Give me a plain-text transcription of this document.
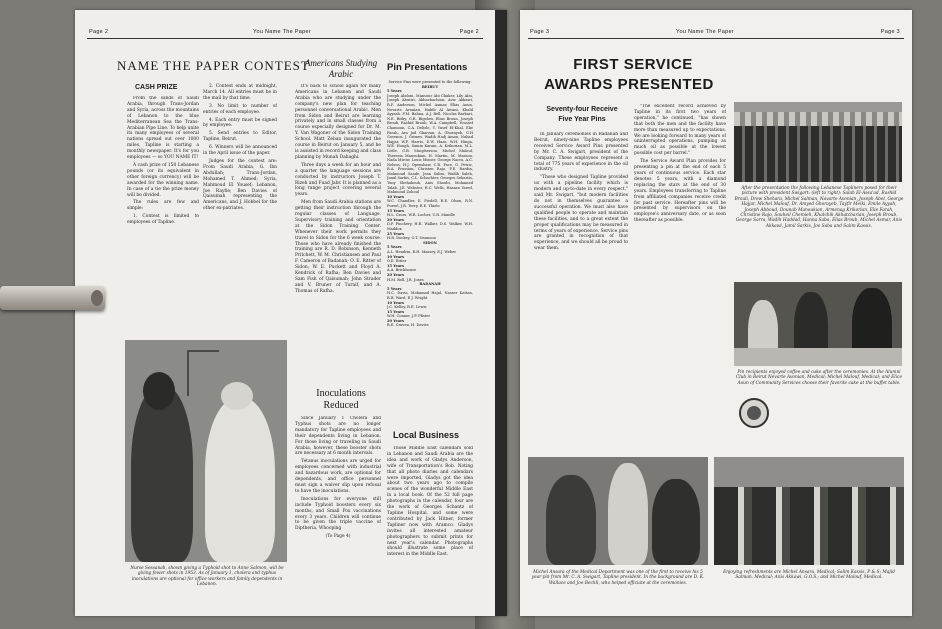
Page 2	You Name The Paper	Page 2
NAME THE PAPER CONTEST
CASH PRIZE

From the sands of Saudi Arabia, through Trans-Jordan and Syria, across the mountains of Lebanon to the blue Mediterranean Sea the Trans-Arabian Pipe Line. To help unite its many employees of several nations spread out over 1000 miles, Tapline is starting a monthly newspaper. It's for you employees — so YOU NAME IT!

A cash prize of 150 Lebanese pounds (or its equivalent in other foreign currency) will be awarded for the winning name. In case of a tie the prize money will be divided.

The rules are few and simple:

1. Contest is limited to employees of Tapline.

2. Contest ends at midnight, March 14. All entries must be in the mail by that time.

3. No limit to number of entries of each employee.

4. Each entry must be signed by employee.

5. Send entries to Editor, Tapline, Beirut.

6. Winners will be announced in the April issue of the paper.

Judges for the contest are: From Saudi Arabia, G. Ibn Abdullah; Trans-Jordan, Mohamed T. Ahmed; Syria, Mahmoud El Yousef; Lebanon, Joe Rayfie; Ben Davies of Qaisumah representing the Americans, and J. Hobbel for the other ex-patriates.

Americans Studying Arabic

It's back to school again for many Americans in Lebanon and Saudi Arabia who are studying under the company's new plan for teaching personnel conversational Arabic. Men from Sidon and Beirut are learning privately and in small classes from a course especially designed for Dr. M. Y. Van Wagoner of the Sidon Training School. Matt Zeban inaugurated the course in Beirut on January 5, and he is assisted in record keeping and class planning by Munah Dahaghi.

Three days a week for an hour and a quarter the language sessions are conducted by instructors Joseph T. Rizeh and Fuad Jabr. It is planned as a long range project covering several years.

Men from Saudi Arabia stations are getting their instruction through the regular classes of Language. Supervisory training and orientation at the Sidon Training Center. Whenever their work permits they travel to Sidon for the 6 week course. Those who have already finished the training are R. D. Robinson, Kenneth Pritchett, W. M. Christiansen and Paul F. Cameron of Badanah; O. E. Ritter of Sidon; W. E. Puckett and Floyd A. Kendrick of Rafha; Ben Davies and Sam Fish of Qaisumah; John Strader and V. Bruner of Turaif, and A. Thomas of Rafha.

Inoculations Reduced

Since January 1 Cholera and Typhus shots are no longer mandatory for Tapline employees and their dependents living in Lebanon. For those living or traveling in Saudi Arabia, however, these booster shots are necessary at 6 month intervals.

Tetanus inoculations are urged for employees concerned with industrial and hazardous work, are optional for dependents, and office personnel must sign a waiver slip upon refusal to have the inoculations.

Inoculations for everyone still include Typhoid boosters every six months, and Small Pox vaccinations every 3 years. Children will continue to be given the triple vaccine of Diptheria, Whooping

(To Page 4)

Pin Presentations
Service Pins were presented to the following:
BEIRUT
5 Years
Joseph Abdoni, Mansour Abi Chaker, Lily Abu, Joseph Abutiri, Akhachachian, Avie Akkawi, R.F. Anderson, Michel Asmar, Elias Aoun, Nevarte Avonian, Habib Al Awani, Khalil Ayyash, F.M. Bahna, A.J. Bell, Nicolas Barbari, N.E. Bitby, G.R. Bigelow, Elias Broun, Joseph Broub, Rashid Brouli, W.A. Campbell, Youssef Chamoun, C.A. Delisle, Y. Yusef El-Khal, Elie Farah, Ara Jad Gharzan, A. Ghorayeb, G.H Gosenos, J. Grimes, Wadih Hadj Aman, Nuhad Hajjar, W.F. Harris, D.W. Haas, W.H. Hinga, W.E. Hough, Samia Karam, A. Krikorian, M.L. Little, G.B. Macpherson, Michel Malouf, Theresia Manoukian, H. Martin, M. Masson, Nada Mirow, Louis Misner, George Nacra, A.C. Nelson, H.J. Openshaw, C.R. Pace, G. Petric, R.A. Prussian, Christen Rajo, F.E. Rardin, Mahmoud Saade, Jean Salim, Wadih Saleh, Jamil Sarkis, C.L. Schachter, Georges Sebastis, Tony Shehaboub, Anis Shoubi, Mohamed Talab, J.E. Webster, H.C. Wells, Hassan Yared, Mahmoud Zohoul
10 Years
W.C. Chandler, E. Fiedell, R.E. Olson, R.N. Pursel, J.R. Terry, R.E. Thielo
15 Years
H.L. Cross, W.R. Locher, U.R. Mandle
20 Years
D.P. Finchery, H.R. Walker, D.S. Walker, W.H. Maddox
25 Years
H.R. Dockey, O.T. Swanson
SIDON
5 Years
A.L. Hendrix, R.H. Massey, E.J. Weber
10 Years
O.E. Ritter
15 Years
A.A. Brickhouse
20 Years
H.M. Bell, J.R. Jones
BADANAH
5 Years
H.C. Davis, Mohamad Hajal, Nasser Kattan, R.B. Ward, E.J. Wright
10 Years
J.C. Kelley, R.E. Lewis
15 Years
W.H. Conner, J.P. Pfister
20 Years
B.E. Craven, H. Davies
Local Business

Those Middle East calendars sold in Lebanon and Saudi Arabia are the idea and work of Gladys Anderson, wife of Transportation's Bob. Noting that all photo diaries and calendars were imported, Gladys got the idea about two years ago to compile scenes of the wonderful Middle East in a local book. Of the 52 full page photographs in the calendar, four are the work of Georges Schantz of Tapline Hospital, and some were contributed by Jack Hitner, former Tapliner now with Aramco. Gladys invites all interested amateur photographers to submit prints for next year's calendar. Photographs should illustrate some place of interest in the Middle East.

Nurse Sessanah, shown giving a Typhoid shot to Anne Salmon, will be giving fewer shots in 1953. As of January 1, cholera and typhus inoculations are optional for office workers and family dependents in Lebanon.
Page 3	You Name The Paper	Page 3
FIRST SERVICE
AWARDS PRESENTED
Seventy-four Receive
Five Year Pins

In January ceremonies in Badanah and Beirut, ninety-nine Tapline employees received Service Award Pins presented by Mr. C. A. Swigart, president of the Company. These employees represent a total of 775 years of experience in the oil industry.

"Those who designed Tapline provided us with a pipeline facility which is modern and up-to-date in every respect," said Mr. Swigart, "but modern facilities do not in themselves guarantee a successful operation. We must also have qualified people to operate and maintain these facilities, and to a great extent the proper qualifications may be measured in terms of years of experience. Service pins are granted in recognition of that experience, and we should all be proud to wear them.

"The excellent record achieved by Tapline in its first two years of operation," he continued, "has shown that both the men and the facility have more than measured up to expectations. We are looking forward to many years of uninterrupted operations, pumping as much oil as possible at the lowest possible cost per barrel."

The Service Award Plan provides for presenting a pin at the end of each 5 years of continuous service. Each star denotes 5 years, with a diamond replacing the stars at the end of 30 years. Employees transferring to Tapline from affiliated companies receive credit for past service. Hereafter pins will be presented by supervisors on the employee's anniversary date, or as soon thereafter as possible.

After the presentation the following Lebanese Tapliners posed for their picture with president Swigart: (left to right): Salah El-Assa'ad, Rashid Brouli, Drew Shehara, Michel Salman, Navarte Avonian, Joseph Abel, George Hajjar, Michel Malouf, Dr. Amyed Ghorayeb, Tayfir Melki, Emile Ayyah, Joseph Abboud, Dounab Manoukian, Armenag Krikorian, Elie Farah, Christine Rajo, Souheil Chemieh, Khatchik Akhatcharian, Joseph Broub, George Sarra, Wadih Haddad, Hanna Saba, Elias Broub, Michel Asmar, Anis Akkawi, Jamil Sarkis, Joe Saba and Salim Kassis.
Pin recipients enjoyed coffee and cake after the ceremonies. At the Alumni Club in Beirut Nevarte Avonian, Medical; Michel Malouf, Medical; and Elice Aoun of Community Services choose their favorite cake at the buffet table.
Michel Ansara of the Medical Department was one of the first to receive his 5 year pin from Mr. C. A. Swigart, Tapline president. In the background are D. K. Wallace and Joe Bechli, who helped officiate at the ceremonies.
Enjoying refreshments are Michel Ansara, Medical; Salim Kassis, P & S; Majid Salman, Medical; Anis Akkawi, G.O.S.; and Michel Malouf, Medical.
